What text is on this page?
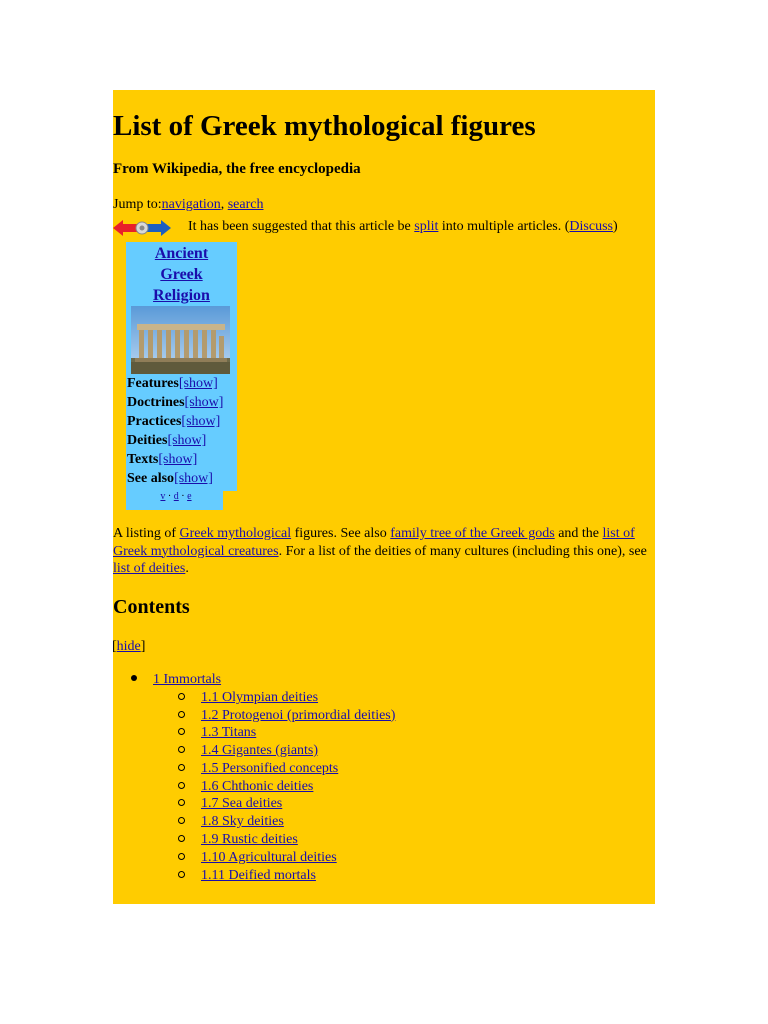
List of Greek mythological figures
From Wikipedia, the free encyclopedia
Jump to:navigation, search
It has been suggested that this article be split into multiple articles. (Discuss)
Ancient
Greek
Religion
Features[show]
Doctrines[show]
Practices[show]
Deities[show]
Texts[show]
See also[show]
v · d · e
A listing of Greek mythological figures. See also family tree of the Greek gods and the list of Greek mythological creatures. For a list of the deities of many cultures (including this one), see list of deities.
Contents
[hide]
1 Immortals
1.1 Olympian deities
1.2 Protogenoi (primordial deities)
1.3 Titans
1.4 Gigantes (giants)
1.5 Personified concepts
1.6 Chthonic deities
1.7 Sea deities
1.8 Sky deities
1.9 Rustic deities
1.10 Agricultural deities
1.11 Deified mortals
